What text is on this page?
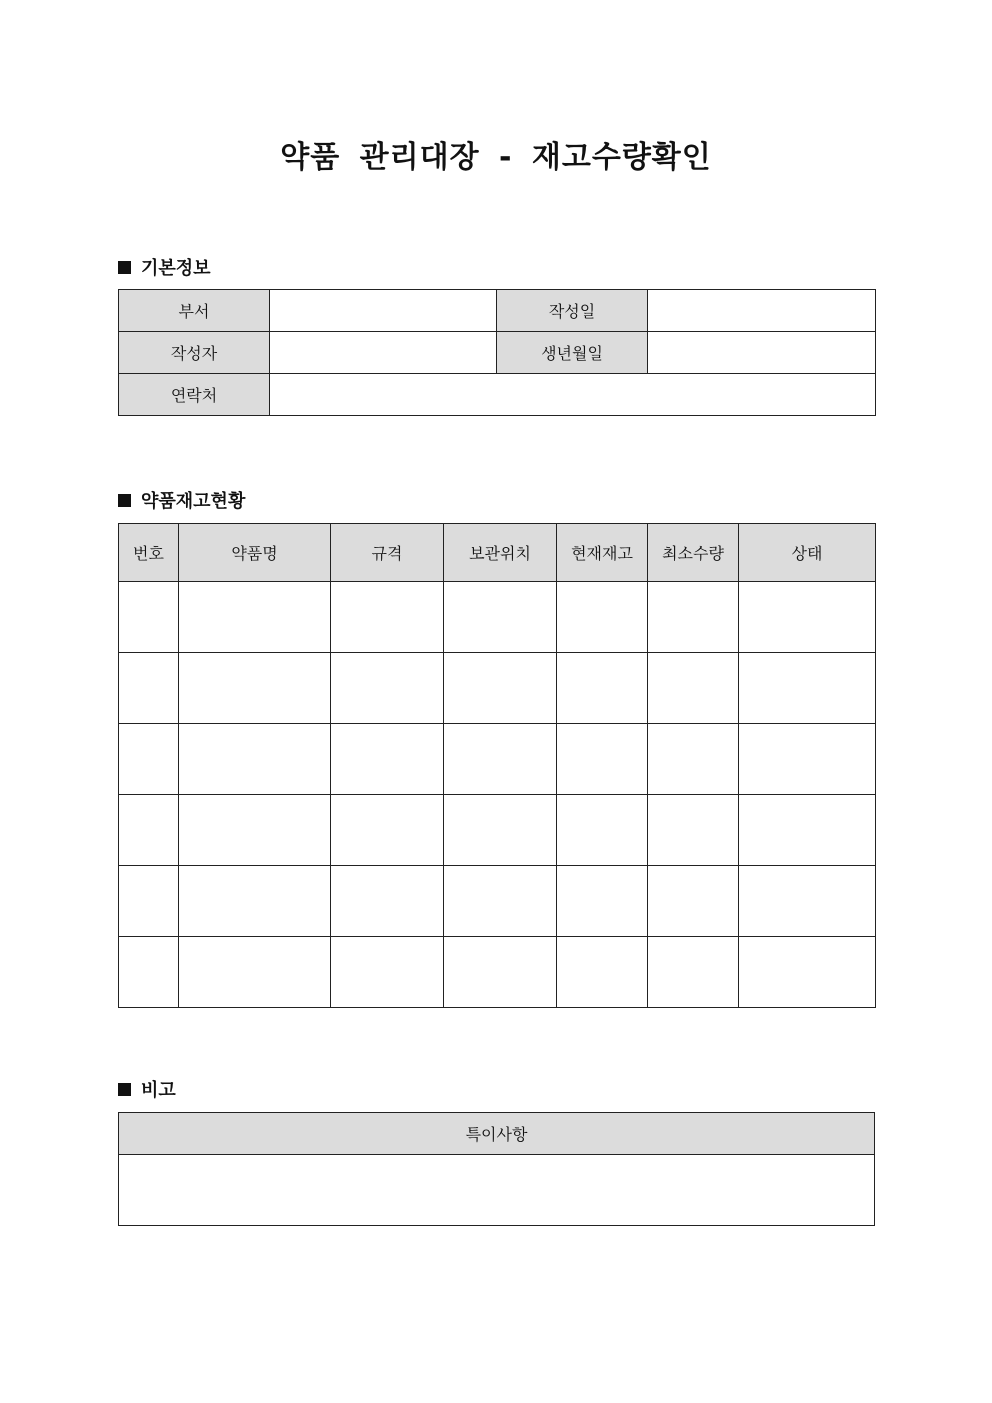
약품 관리대장 - 재고수량확인
기본정보
부서		작성일	
작성자		생년월일	
연락처			
약품재고현황
번호	약품명	규격	보관위치	현재재고	최소수량	상태

비고
특이사항
